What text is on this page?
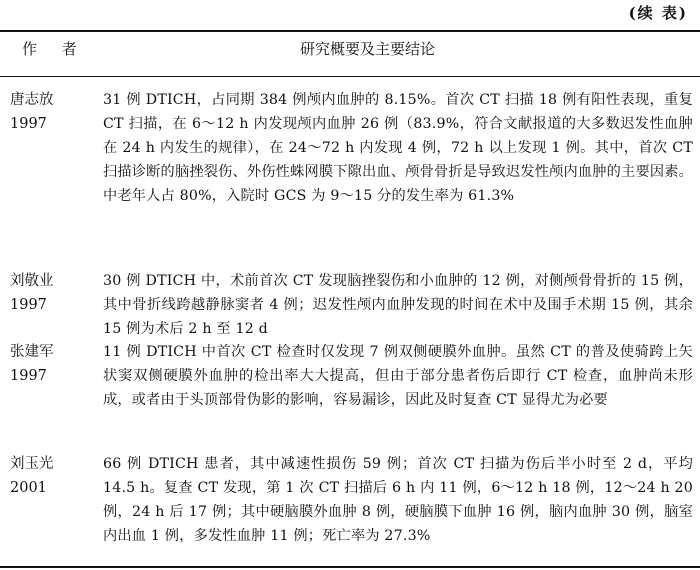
(续 表)
作 者	研究概要及主要结论
唐志放
1997
31 例 DTICH，占同期 384 例颅内血肿的 8.15%。首次 CT 扫描 18 例有阳性表现，重复 CT 扫描，在 6～12 h 内发现颅内血肿 26 例（83.9%，符合文献报道的大多数迟发性血肿在 24 h 内发生的规律），在 24～72 h 内发现 4 例，72 h 以上发现 1 例。其中，首次 CT 扫描诊断的脑挫裂伤、外伤性蛛网膜下隙出血、颅骨骨折是导致迟发性颅内血肿的主要因素。中老年人占 80%，入院时 GCS 为 9～15 分的发生率为 61.3%
刘敬业
1997
30 例 DTICH 中，术前首次 CT 发现脑挫裂伤和小血肿的 12 例，对侧颅骨骨折的 15 例，其中骨折线跨越静脉窦者 4 例；迟发性颅内血肿发现的时间在术中及围手术期 15 例，其余 15 例为术后 2 h 至 12 d
张建军
1997
11 例 DTICH 中首次 CT 检查时仅发现 7 例双侧硬膜外血肿。虽然 CT 的普及使骑跨上矢状窦双侧硬膜外血肿的检出率大大提高，但由于部分患者伤后即行 CT 检查，血肿尚未形成，或者由于头顶部骨伪影的影响，容易漏诊，因此及时复查 CT 显得尤为必要
刘玉光
2001
66 例 DTICH 患者，其中减速性损伤 59 例；首次 CT 扫描为伤后半小时至 2 d，平均 14.5 h。复查 CT 发现，第 1 次 CT 扫描后 6 h 内 11 例，6～12 h 18 例，12～24 h 20 例，24 h 后 17 例；其中硬脑膜外血肿 8 例，硬脑膜下血肿 16 例，脑内血肿 30 例，脑室内出血 1 例，多发性血肿 11 例；死亡率为 27.3%
